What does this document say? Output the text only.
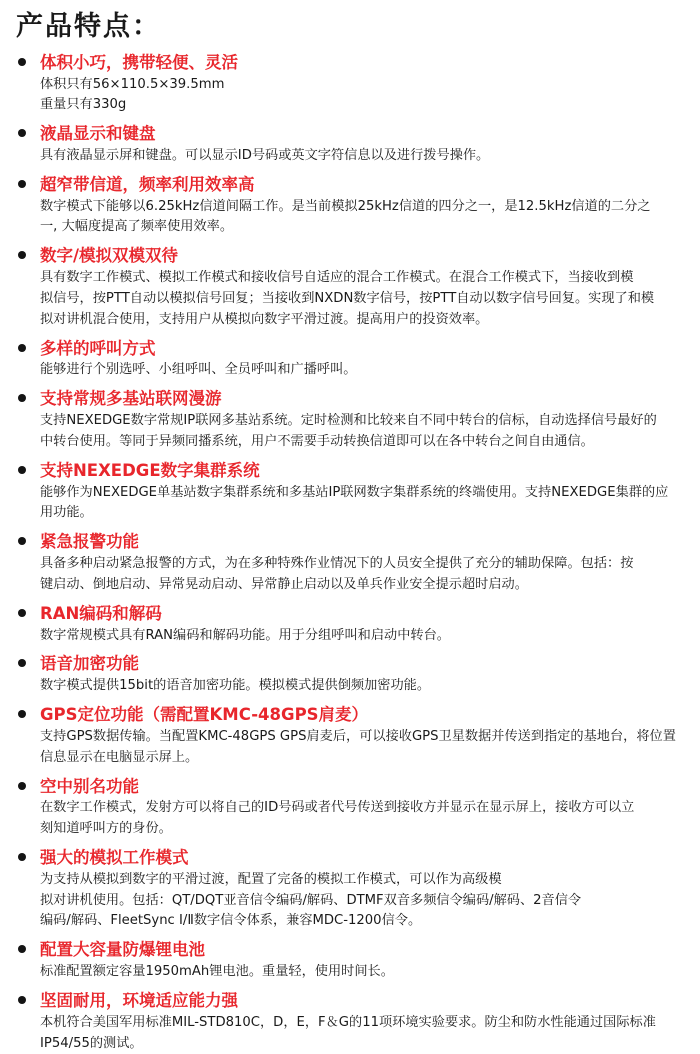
产品特点：
体积小巧，携带轻便、灵活
体积只有56×110.5×39.5mm
重量只有330g
液晶显示和键盘
具有液晶显示屏和键盘。可以显示ID号码或英文字符信息以及进行拨号操作。
超窄带信道，频率利用效率高
数字模式下能够以6.25kHz信道间隔工作。是当前模拟25kHz信道的四分之一，是12.5kHz信道的二分之
一, 大幅度提高了频率使用效率。
数字/模拟双模双待
具有数字工作模式、模拟工作模式和接收信号自适应的混合工作模式。在混合工作模式下，当接收到模
拟信号，按PTT自动以模拟信号回复；当接收到NXDN数字信号，按PTT自动以数字信号回复。实现了和模
拟对讲机混合使用，支持用户从模拟向数字平滑过渡。提高用户的投资效率。
多样的呼叫方式
能够进行个别选呼、小组呼叫、全员呼叫和广播呼叫。
支持常规多基站联网漫游
支持NEXEDGE数字常规IP联网多基站系统。定时检测和比较来自不同中转台的信标，自动选择信号最好的
中转台使用。等同于异频同播系统，用户不需要手动转换信道即可以在各中转台之间自由通信。
支持NEXEDGE数字集群系统
能够作为NEXEDGE单基站数字集群系统和多基站IP联网数字集群系统的终端使用。支持NEXEDGE集群的应
用功能。
紧急报警功能
具备多种启动紧急报警的方式，为在多种特殊作业情况下的人员安全提供了充分的辅助保障。包括：按
键启动、倒地启动、异常晃动启动、异常静止启动以及单兵作业安全提示超时启动。
RAN编码和解码
数字常规模式具有RAN编码和解码功能。用于分组呼叫和启动中转台。
语音加密功能
数字模式提供15bit的语音加密功能。模拟模式提供倒频加密功能。
GPS定位功能（需配置KMC-48GPS肩麦）
支持GPS数据传输。当配置KMC-48GPS GPS肩麦后，可以接收GPS卫星数据并传送到指定的基地台，将位置
信息显示在电脑显示屏上。
空中别名功能
在数字工作模式，发射方可以将自己的ID号码或者代号传送到接收方并显示在显示屏上，接收方可以立
刻知道呼叫方的身份。
强大的模拟工作模式
为支持从模拟到数字的平滑过渡，配置了完备的模拟工作模式，可以作为高级模
拟对讲机使用。包括：QT/DQT亚音信令编码/解码、DTMF双音多频信令编码/解码、2音信令
编码/解码、FleetSync Ⅰ/Ⅱ数字信令体系，兼容MDC-1200信令。
配置大容量防爆锂电池
标准配置额定容量1950mAh锂电池。重量轻，使用时间长。
坚固耐用，环境适应能力强
本机符合美国军用标准MIL-STD810C，D，E，F＆G的11项环境实验要求。防尘和防水性能通过国际标准
IP54/55的测试。
